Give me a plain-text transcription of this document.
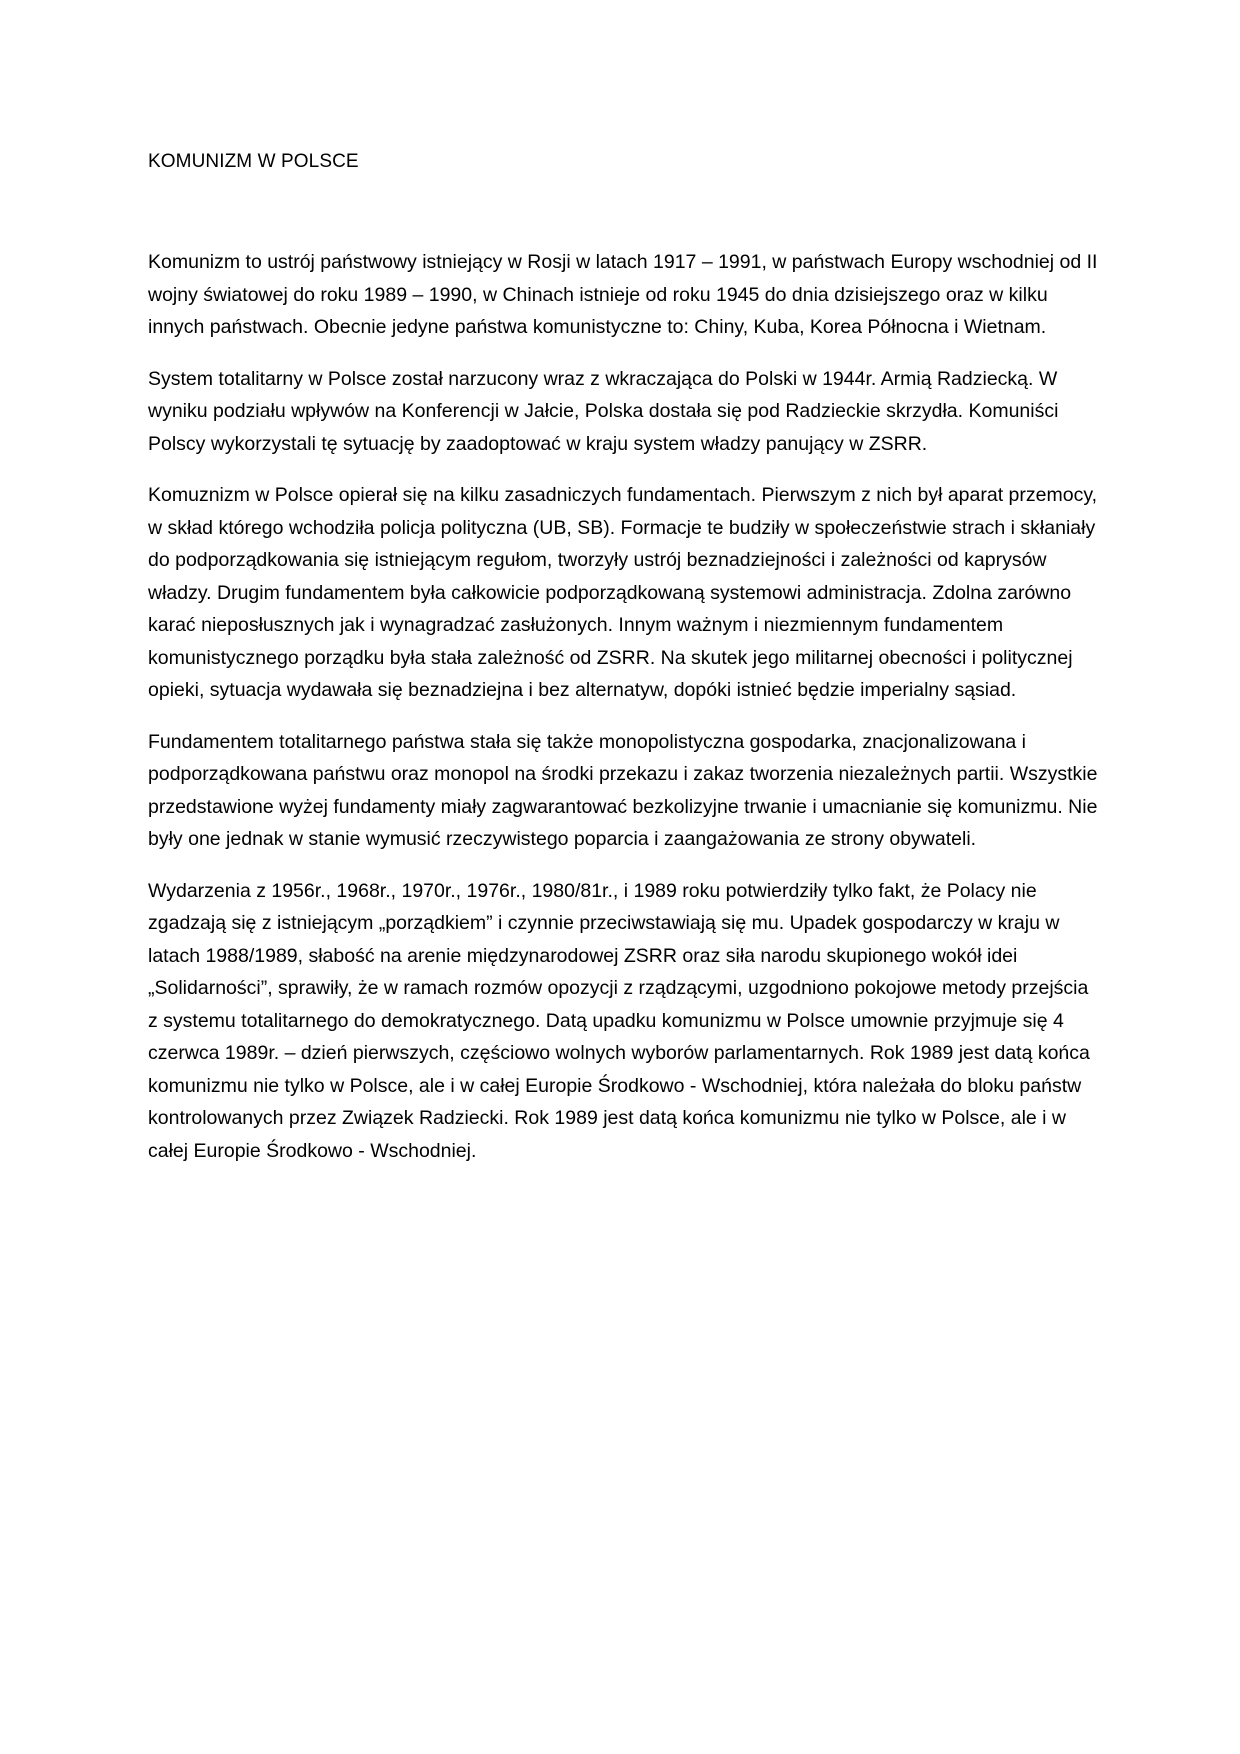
KOMUNIZM W POLSCE

Komunizm to ustrój państwowy istniejący w Rosji w latach 1917 – 1991, w państwach Europy wschodniej od II wojny światowej do roku 1989 – 1990, w Chinach istnieje od roku 1945 do dnia dzisiejszego oraz w kilku innych państwach. Obecnie jedyne państwa komunistyczne to: Chiny, Kuba, Korea Północna i Wietnam.

System totalitarny w Polsce został narzucony wraz z wkraczająca do Polski w 1944r. Armią Radziecką. W wyniku podziału wpływów na Konferencji w Jałcie, Polska dostała się pod Radzieckie skrzydła. Komuniści Polscy wykorzystali tę sytuację by zaadoptować w kraju system władzy panujący w ZSRR.

Komuznizm w Polsce opierał się na kilku zasadniczych fundamentach. Pierwszym z nich był aparat przemocy, w skład którego wchodziła policja polityczna (UB, SB). Formacje te budziły w społeczeństwie strach i skłaniały do podporządkowania się istniejącym regułom, tworzyły ustrój beznadziejności i zależności od kaprysów władzy. Drugim fundamentem była całkowicie podporządkowaną systemowi administracja. Zdolna zarówno karać nieposłusznych jak i wynagradzać zasłużonych. Innym ważnym i niezmiennym fundamentem komunistycznego porządku była stała zależność od ZSRR. Na skutek jego militarnej obecności i politycznej opieki, sytuacja wydawała się beznadziejna i bez alternatyw, dopóki istnieć będzie imperialny sąsiad.

Fundamentem totalitarnego państwa stała się także monopolistyczna gospodarka, znacjonalizowana i podporządkowana państwu oraz monopol na środki przekazu i zakaz tworzenia niezależnych partii. Wszystkie przedstawione wyżej fundamenty miały zagwarantować bezkolizyjne trwanie i umacnianie się komunizmu. Nie były one jednak w stanie wymusić rzeczywistego poparcia i zaangażowania ze strony obywateli.

Wydarzenia z 1956r., 1968r., 1970r., 1976r., 1980/81r., i 1989 roku potwierdziły tylko fakt, że Polacy nie zgadzają się z istniejącym „porządkiem” i czynnie przeciwstawiają się mu. Upadek gospodarczy w kraju w latach 1988/1989, słabość na arenie międzynarodowej ZSRR oraz siła narodu skupionego wokół idei „Solidarności”, sprawiły, że w ramach rozmów opozycji z rządzącymi, uzgodniono pokojowe metody przejścia z systemu totalitarnego do demokratycznego. Datą upadku komunizmu w Polsce umownie przyjmuje się 4 czerwca 1989r. – dzień pierwszych, częściowo wolnych wyborów parlamentarnych. Rok 1989 jest datą końca komunizmu nie tylko w Polsce, ale i w całej Europie Środkowo - Wschodniej, która należała do bloku państw kontrolowanych przez Związek Radziecki. Rok 1989 jest datą końca komunizmu nie tylko w Polsce, ale i w całej Europie Środkowo - Wschodniej.
